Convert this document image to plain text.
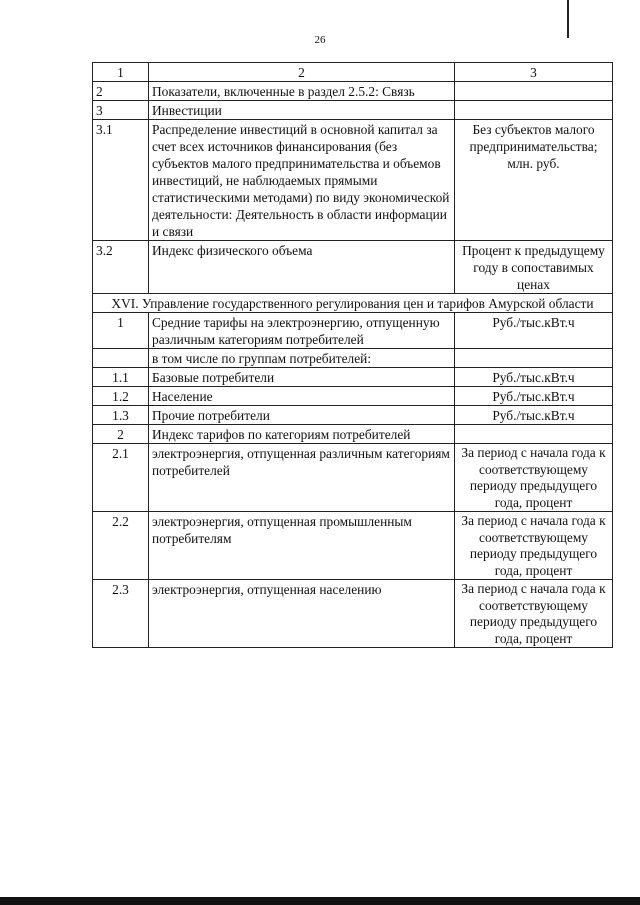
26
1	2	3
2	Показатели, включенные в раздел 2.5.2: Связь	
3	Инвестиции	
3.1	Распределение инвестиций в основной капитал за счет всех источников финансирования (без субъектов малого предпринимательства и объемов инвестиций, не наблюдаемых прямыми статистическими методами) по виду экономической деятельности: Деятельность в области информации и связи	Без субъектов малого предпринимательства; млн. руб.
3.2	Индекс физического объема	Процент к предыдущему году в сопоставимых ценах
XVI. Управление государственного регулирования цен и тарифов Амурской области		
1	Средние тарифы на электроэнергию, отпущенную различным категориям потребителей	Руб./тыс.кВт.ч
	в том числе по группам потребителей:	
1.1	Базовые потребители	Руб./тыс.кВт.ч
1.2	Население	Руб./тыс.кВт.ч
1.3	Прочие потребители	Руб./тыс.кВт.ч
2	Индекс тарифов по категориям потребителей	
2.1	электроэнергия, отпущенная различным категориям потребителей	За период с начала года к соответствующему периоду предыдущего года, процент
2.2	электроэнергия, отпущенная промышленным потребителям	За период с начала года к соответствующему периоду предыдущего года, процент
2.3	электроэнергия, отпущенная населению	За период с начала года к соответствующему периоду предыдущего года, процент
